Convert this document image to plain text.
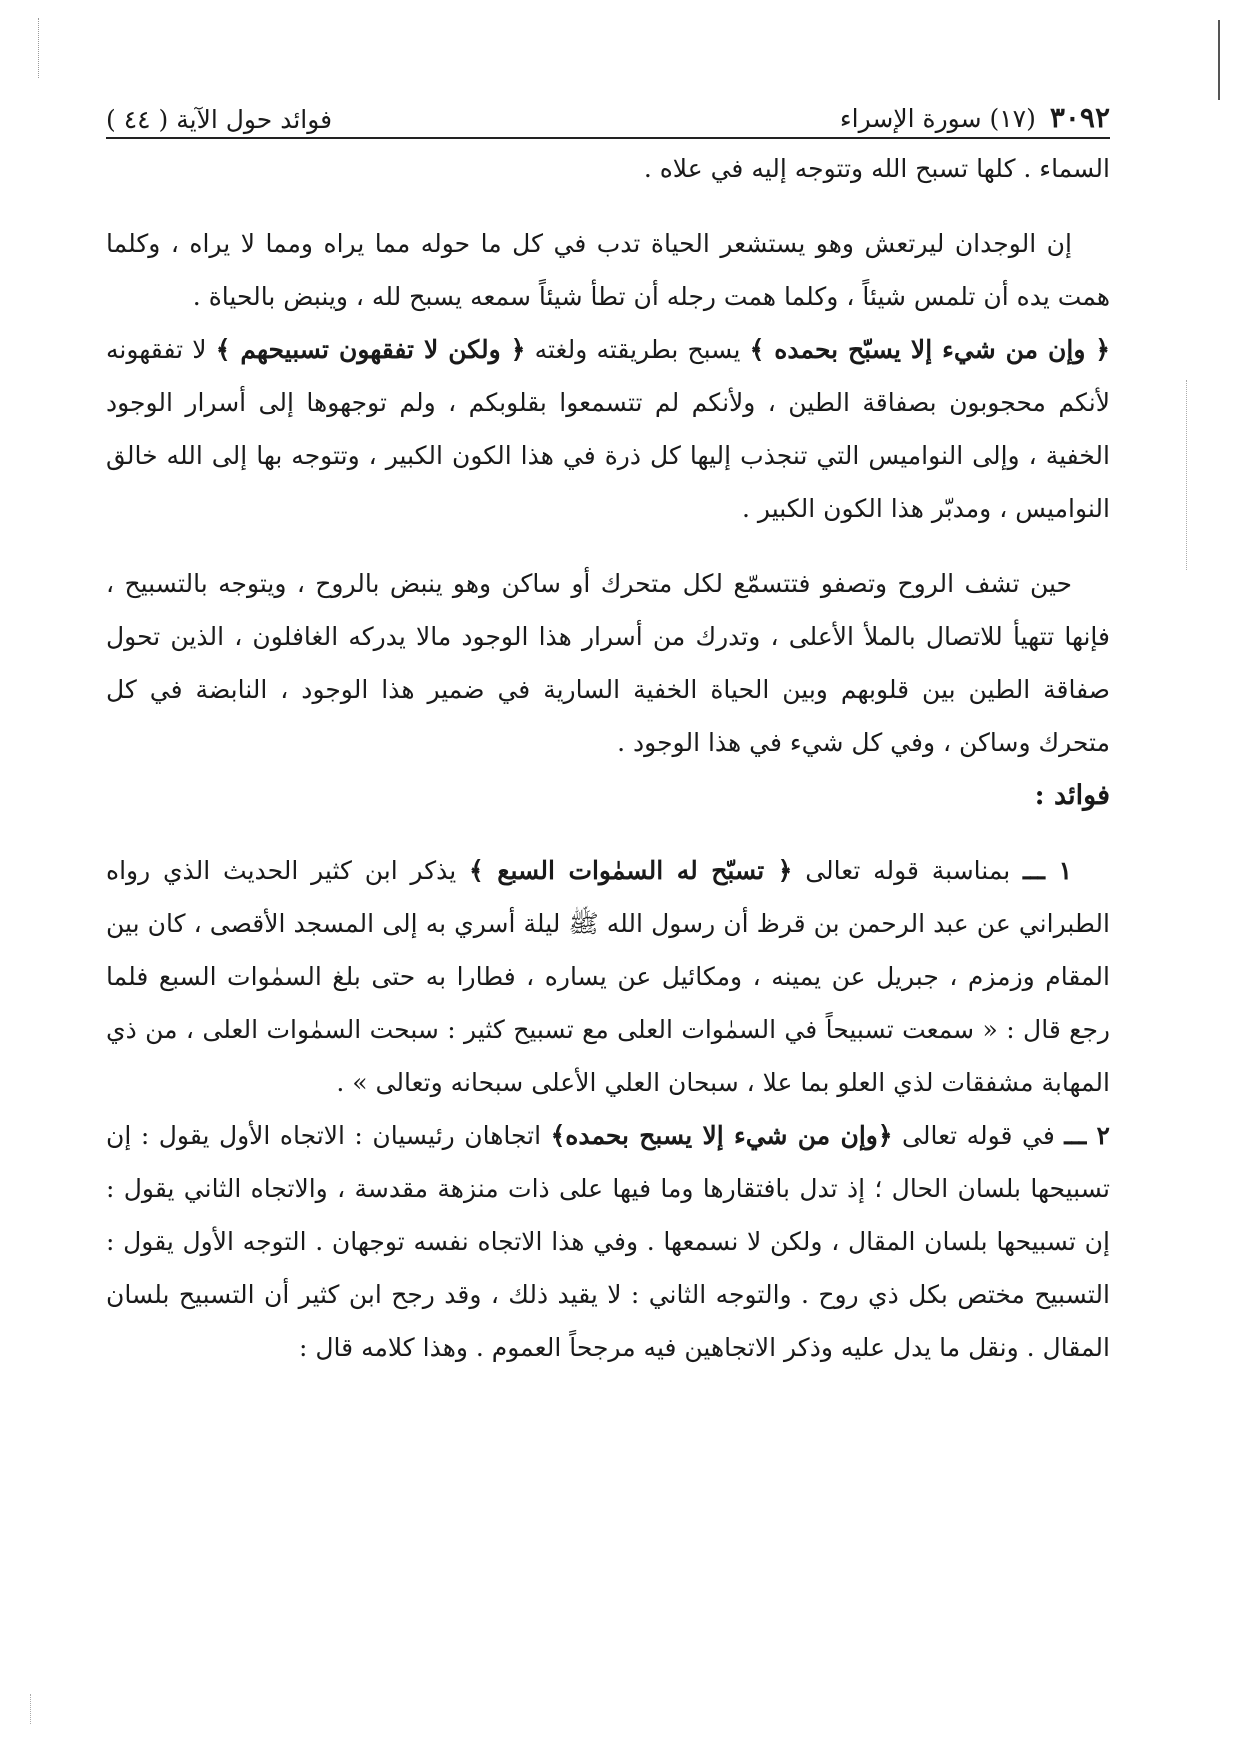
٣٠٩٢
(١٧) سورة الإسراء
فوائد حول الآية ( ٤٤ )

السماء . كلها تسبح الله وتتوجه إليه في علاه .

إن الوجدان ليرتعش وهو يستشعر الحياة تدب في كل ما حوله مما يراه ومما لا يراه ، وكلما همت يده أن تلمس شيئاً ، وكلما همت رجله أن تطأ شيئاً سمعه يسبح لله ، وينبض بالحياة .

﴿ وإن من شيء إلا يسبّح بحمده ﴾ يسبح بطريقته ولغته ﴿ ولكن لا تفقهون تسبيحهم ﴾ لا تفقهونه لأنكم محجوبون بصفاقة الطين ، ولأنكم لم تتسمعوا بقلوبكم ، ولم توجهوها إلى أسرار الوجود الخفية ، وإلى النواميس التي تنجذب إليها كل ذرة في هذا الكون الكبير ، وتتوجه بها إلى الله خالق النواميس ، ومدبّر هذا الكون الكبير .

حين تشف الروح وتصفو فتتسمّع لكل متحرك أو ساكن وهو ينبض بالروح ، ويتوجه بالتسبيح ، فإنها تتهيأ للاتصال بالملأ الأعلى ، وتدرك من أسرار هذا الوجود مالا يدركه الغافلون ، الذين تحول صفاقة الطين بين قلوبهم وبين الحياة الخفية السارية في ضمير هذا الوجود ، النابضة في كل متحرك وساكن ، وفي كل شيء في هذا الوجود .

فوائد :

١ ـــ بمناسبة قوله تعالى ﴿ تسبّح له السمٰوات السبع ﴾ يذكر ابن كثير الحديث الذي رواه الطبراني عن عبد الرحمن بن قرظ أن رسول الله ﷺ ليلة أسري به إلى المسجد الأقصى ، كان بين المقام وزمزم ، جبريل عن يمينه ، ومكائيل عن يساره ، فطارا به حتى بلغ السمٰوات السبع فلما رجع قال : « سمعت تسبيحاً في السمٰوات العلى مع تسبيح كثير : سبحت السمٰوات العلى ، من ذي المهابة مشفقات لذي العلو بما علا ، سبحان العلي الأعلى سبحانه وتعالى » .

٢ ـــ في قوله تعالى ﴿وإن من شيء إلا يسبح بحمده﴾ اتجاهان رئيسيان : الاتجاه الأول يقول : إن تسبيحها بلسان الحال ؛ إذ تدل بافتقارها وما فيها على ذات منزهة مقدسة ، والاتجاه الثاني يقول : إن تسبيحها بلسان المقال ، ولكن لا نسمعها . وفي هذا الاتجاه نفسه توجهان . التوجه الأول يقول : التسبيح مختص بكل ذي روح . والتوجه الثاني : لا يقيد ذلك ، وقد رجح ابن كثير أن التسبيح بلسان المقال . ونقل ما يدل عليه وذكر الاتجاهين فيه مرجحاً العموم . وهذا كلامه قال :
